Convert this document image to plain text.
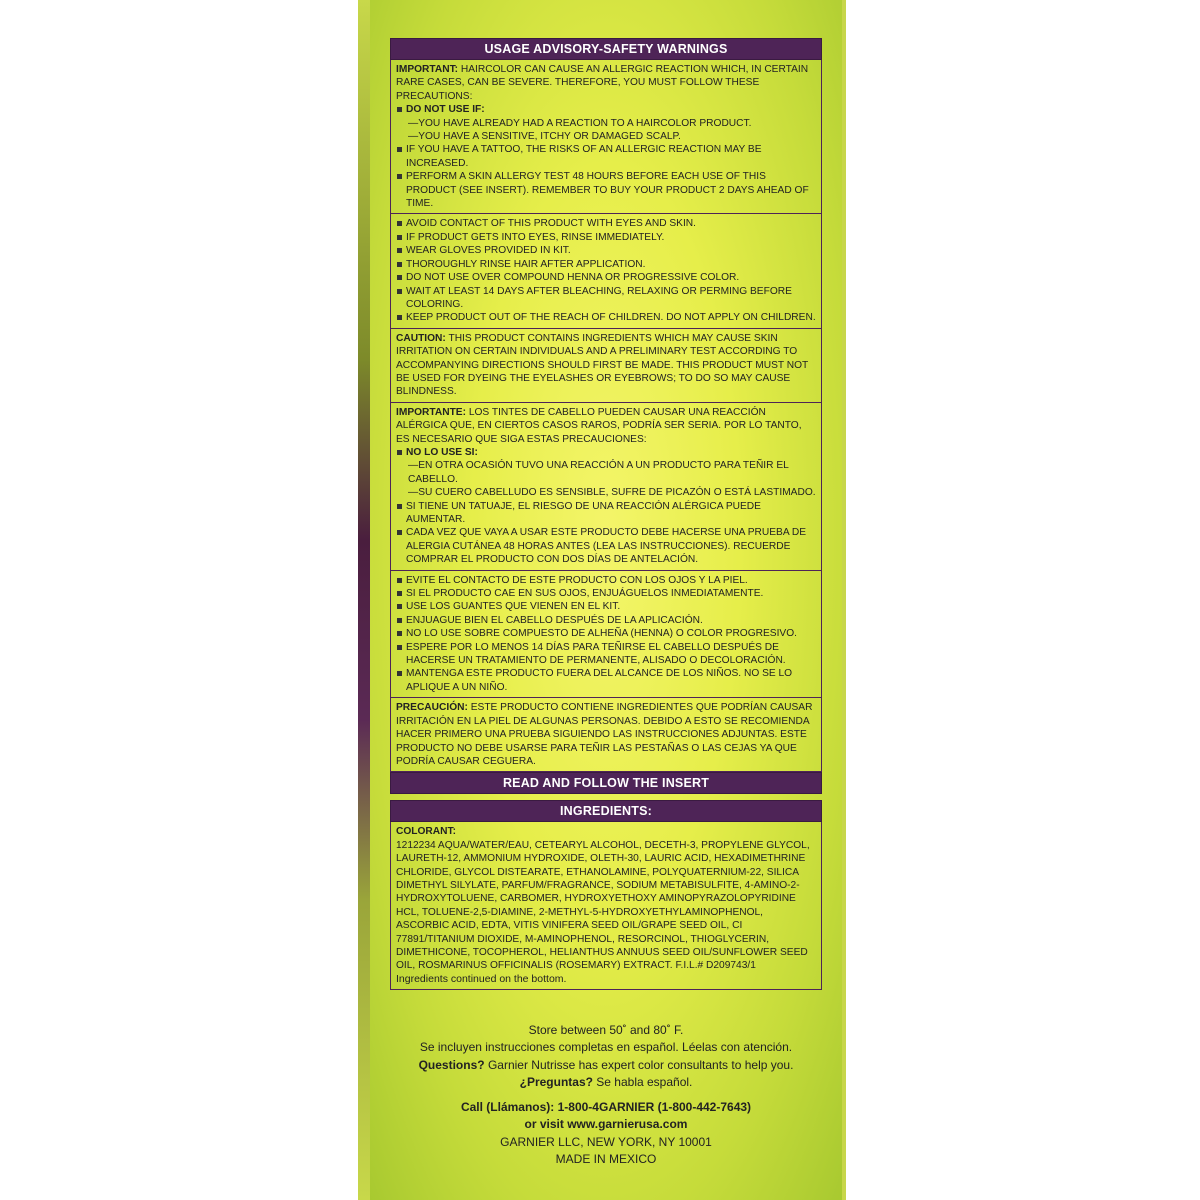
USAGE ADVISORY-SAFETY WARNINGS

IMPORTANT: HAIRCOLOR CAN CAUSE AN ALLERGIC REACTION WHICH, IN CERTAIN RARE CASES, CAN BE SEVERE. THEREFORE, YOU MUST FOLLOW THESE PRECAUTIONS:

DO NOT USE IF:
— YOU HAVE ALREADY HAD A REACTION TO A HAIRCOLOR PRODUCT.
— YOU HAVE A SENSITIVE, ITCHY OR DAMAGED SCALP.
IF YOU HAVE A TATTOO, THE RISKS OF AN ALLERGIC REACTION MAY BE INCREASED.
PERFORM A SKIN ALLERGY TEST 48 HOURS BEFORE EACH USE OF THIS PRODUCT (SEE INSERT). REMEMBER TO BUY YOUR PRODUCT 2 DAYS AHEAD OF TIME.
AVOID CONTACT OF THIS PRODUCT WITH EYES AND SKIN.
IF PRODUCT GETS INTO EYES, RINSE IMMEDIATELY.
WEAR GLOVES PROVIDED IN KIT.
THOROUGHLY RINSE HAIR AFTER APPLICATION.
DO NOT USE OVER COMPOUND HENNA OR PROGRESSIVE COLOR.
WAIT AT LEAST 14 DAYS AFTER BLEACHING, RELAXING OR PERMING BEFORE COLORING.
KEEP PRODUCT OUT OF THE REACH OF CHILDREN. DO NOT APPLY ON CHILDREN.

CAUTION: THIS PRODUCT CONTAINS INGREDIENTS WHICH MAY CAUSE SKIN IRRITATION ON CERTAIN INDIVIDUALS AND A PRELIMINARY TEST ACCORDING TO ACCOMPANYING DIRECTIONS SHOULD FIRST BE MADE. THIS PRODUCT MUST NOT BE USED FOR DYEING THE EYELASHES OR EYEBROWS; TO DO SO MAY CAUSE BLINDNESS.

IMPORTANTE: LOS TINTES DE CABELLO PUEDEN CAUSAR UNA REACCIÓN ALÉRGICA QUE, EN CIERTOS CASOS RAROS, PODRÍA SER SERIA. POR LO TANTO, ES NECESARIO QUE SIGA ESTAS PRECAUCIONES:

NO LO USE SI:
— EN OTRA OCASIÓN TUVO UNA REACCIÓN A UN PRODUCTO PARA TEÑIR EL CABELLO.
— SU CUERO CABELLUDO ES SENSIBLE, SUFRE DE PICAZÓN O ESTÁ LASTIMADO.
SI TIENE UN TATUAJE, EL RIESGO DE UNA REACCIÓN ALÉRGICA PUEDE AUMENTAR.
CADA VEZ QUE VAYA A USAR ESTE PRODUCTO DEBE HACERSE UNA PRUEBA DE ALERGIA CUTÁNEA 48 HORAS ANTES (LEA LAS INSTRUCCIONES). RECUERDE COMPRAR EL PRODUCTO CON DOS DÍAS DE ANTELACIÓN.
EVITE EL CONTACTO DE ESTE PRODUCTO CON LOS OJOS Y LA PIEL.
SI EL PRODUCTO CAE EN SUS OJOS, ENJUÁGUELOS INMEDIATAMENTE.
USE LOS GUANTES QUE VIENEN EN EL KIT.
ENJUAGUE BIEN EL CABELLO DESPUÉS DE LA APLICACIÓN.
NO LO USE SOBRE COMPUESTO DE ALHEÑA (HENNA) O COLOR PROGRESIVO.
ESPERE POR LO MENOS 14 DÍAS PARA TEÑIRSE EL CABELLO DESPUÉS DE HACERSE UN TRATAMIENTO DE PERMANENTE, ALISADO O DECOLORACIÓN.
MANTENGA ESTE PRODUCTO FUERA DEL ALCANCE DE LOS NIÑOS. NO SE LO APLIQUE A UN NIÑO.

PRECAUCIÓN: ESTE PRODUCTO CONTIENE INGREDIENTES QUE PODRÍAN CAUSAR IRRITACIÓN EN LA PIEL DE ALGUNAS PERSONAS. DEBIDO A ESTO SE RECOMIENDA HACER PRIMERO UNA PRUEBA SIGUIENDO LAS INSTRUCCIONES ADJUNTAS. ESTE PRODUCTO NO DEBE USARSE PARA TEÑIR LAS PESTAÑAS O LAS CEJAS YA QUE PODRÍA CAUSAR CEGUERA.

READ AND FOLLOW THE INSERT
INGREDIENTS:

COLORANT:

1212234 AQUA/WATER/EAU, CETEARYL ALCOHOL, DECETH-3, PROPYLENE GLYCOL, LAURETH-12, AMMONIUM HYDROXIDE, OLETH-30, LAURIC ACID, HEXADIMETHRINE CHLORIDE, GLYCOL DISTEARATE, ETHANOLAMINE, POLYQUATERNIUM-22, SILICA DIMETHYL SILYLATE, PARFUM/FRAGRANCE, SODIUM METABISULFITE, 4-AMINO-2-HYDROXYTOLUENE, CARBOMER, HYDROXYETHOXY AMINOPYRAZOLOPYRIDINE HCL, TOLUENE-2,5-DIAMINE, 2-METHYL-5-HYDROXYETHYLAMINOPHENOL, ASCORBIC ACID, EDTA, VITIS VINIFERA SEED OIL/GRAPE SEED OIL, CI 77891/TITANIUM DIOXIDE, M-AMINOPHENOL, RESORCINOL, THIOGLYCERIN, DIMETHICONE, TOCOPHEROL, HELIANTHUS ANNUUS SEED OIL/SUNFLOWER SEED OIL, ROSMARINUS OFFICINALIS (ROSEMARY) EXTRACT. F.I.L.# D209743/1

Ingredients continued on the bottom.

Store between 50˚ and 80˚ F.

Se incluyen instrucciones completas en español. Léelas con atención.

Questions? Garnier Nutrisse has expert color consultants to help you.

¿Preguntas? Se habla español.

Call (Llámanos): 1-800-4GARNIER (1-800-442-7643)

or visit www.garnierusa.com

GARNIER LLC, NEW YORK, NY 10001

MADE IN MEXICO
